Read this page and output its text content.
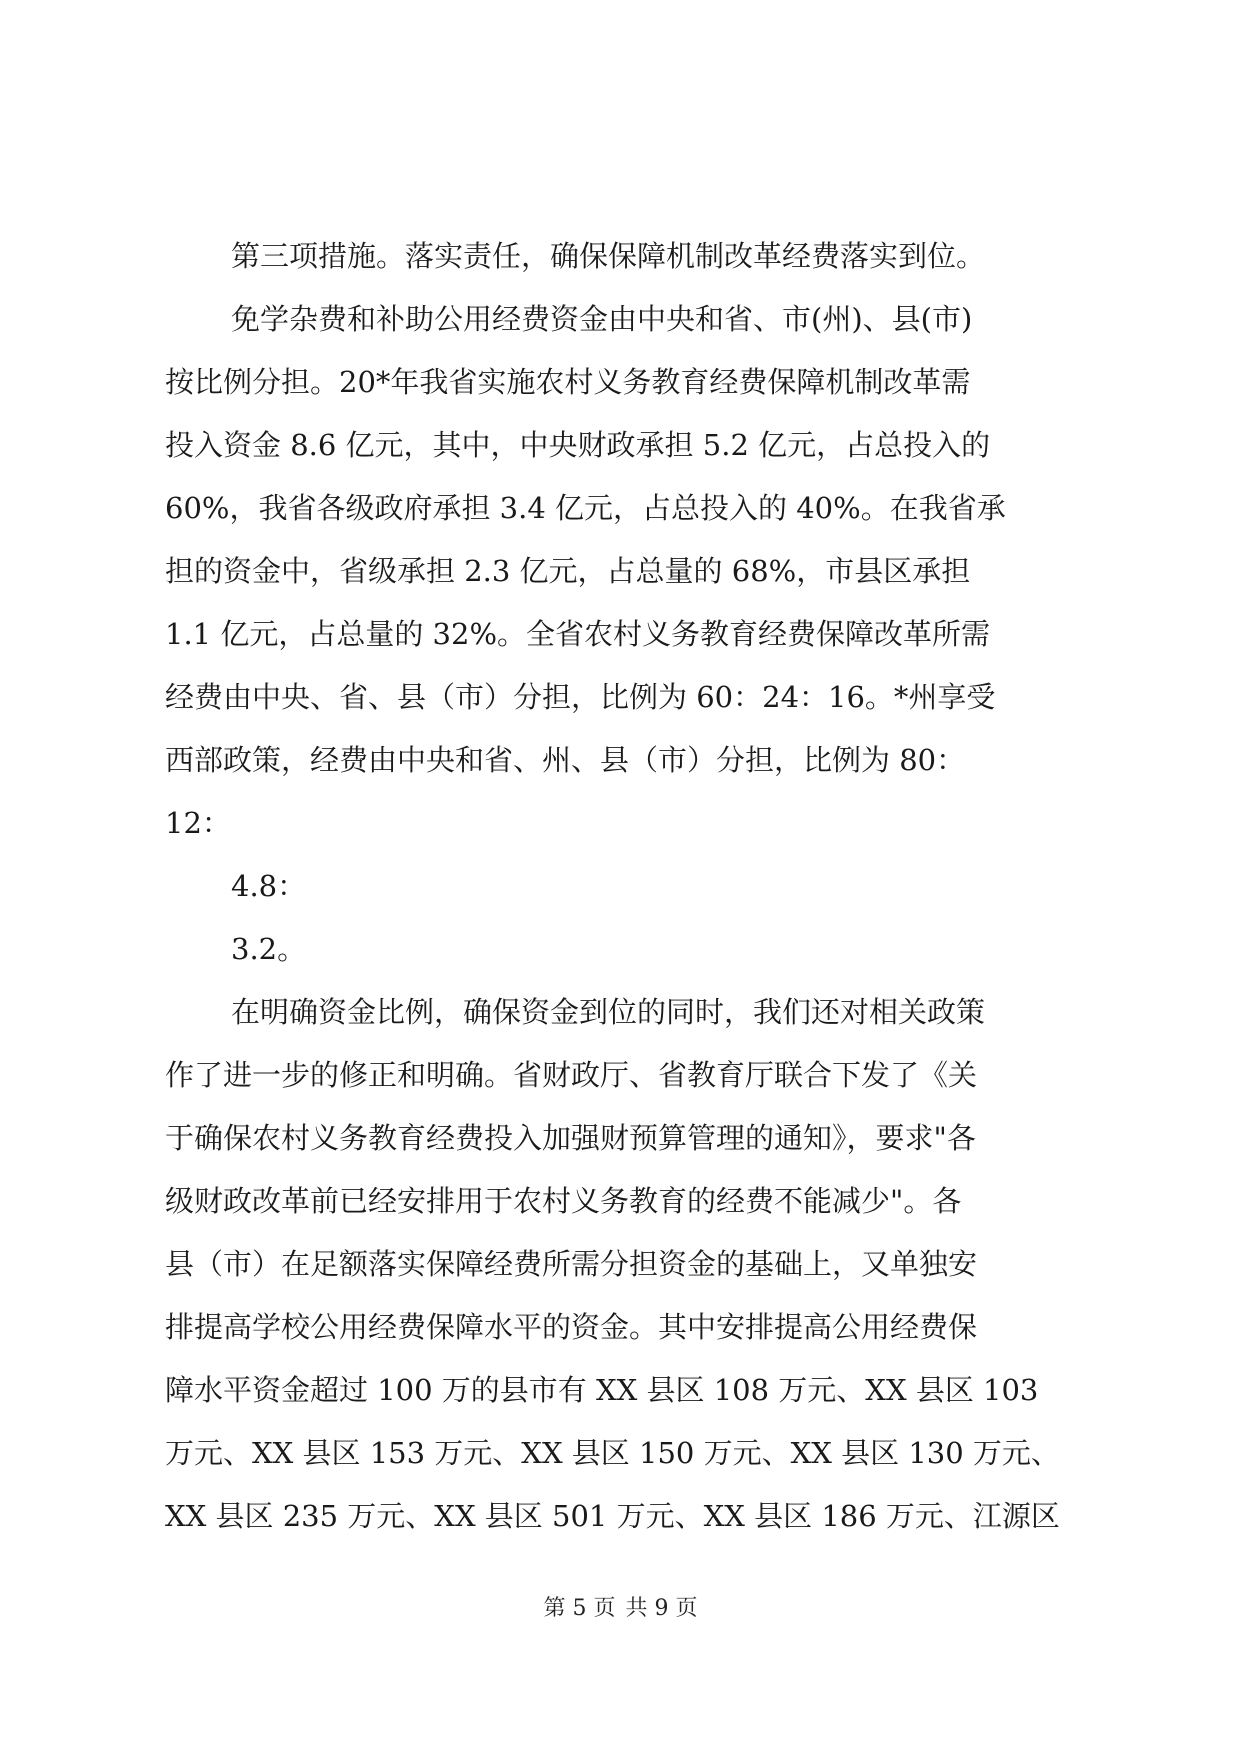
第三项措施。落实责任，确保保障机制改革经费落实到位。

免学杂费和补助公用经费资金由中央和省、市(州)、县(市)

按比例分担。20*年我省实施农村义务教育经费保障机制改革需

投入资金 8.6 亿元，其中，中央财政承担 5.2 亿元，占总投入的

60%，我省各级政府承担 3.4 亿元，占总投入的 40%。在我省承

担的资金中，省级承担 2.3 亿元，占总量的 68%，市县区承担

1.1 亿元，占总量的 32%。全省农村义务教育经费保障改革所需

经费由中央、省、县（市）分担，比例为 60：24：16。*州享受

西部政策，经费由中央和省、州、县（市）分担，比例为 80：

12：

4.8：

3.2。

在明确资金比例，确保资金到位的同时，我们还对相关政策

作了进一步的修正和明确。省财政厅、省教育厅联合下发了《关

于确保农村义务教育经费投入加强财预算管理的通知》，要求"各

级财政改革前已经安排用于农村义务教育的经费不能减少"。各

县（市）在足额落实保障经费所需分担资金的基础上，又单独安

排提高学校公用经费保障水平的资金。其中安排提高公用经费保

障水平资金超过 100 万的县市有 XX 县区 108 万元、XX 县区 103

万元、XX 县区 153 万元、XX 县区 150 万元、XX 县区 130 万元、

XX 县区 235 万元、XX 县区 501 万元、XX 县区 186 万元、江源区

第 5 页 共 9 页
